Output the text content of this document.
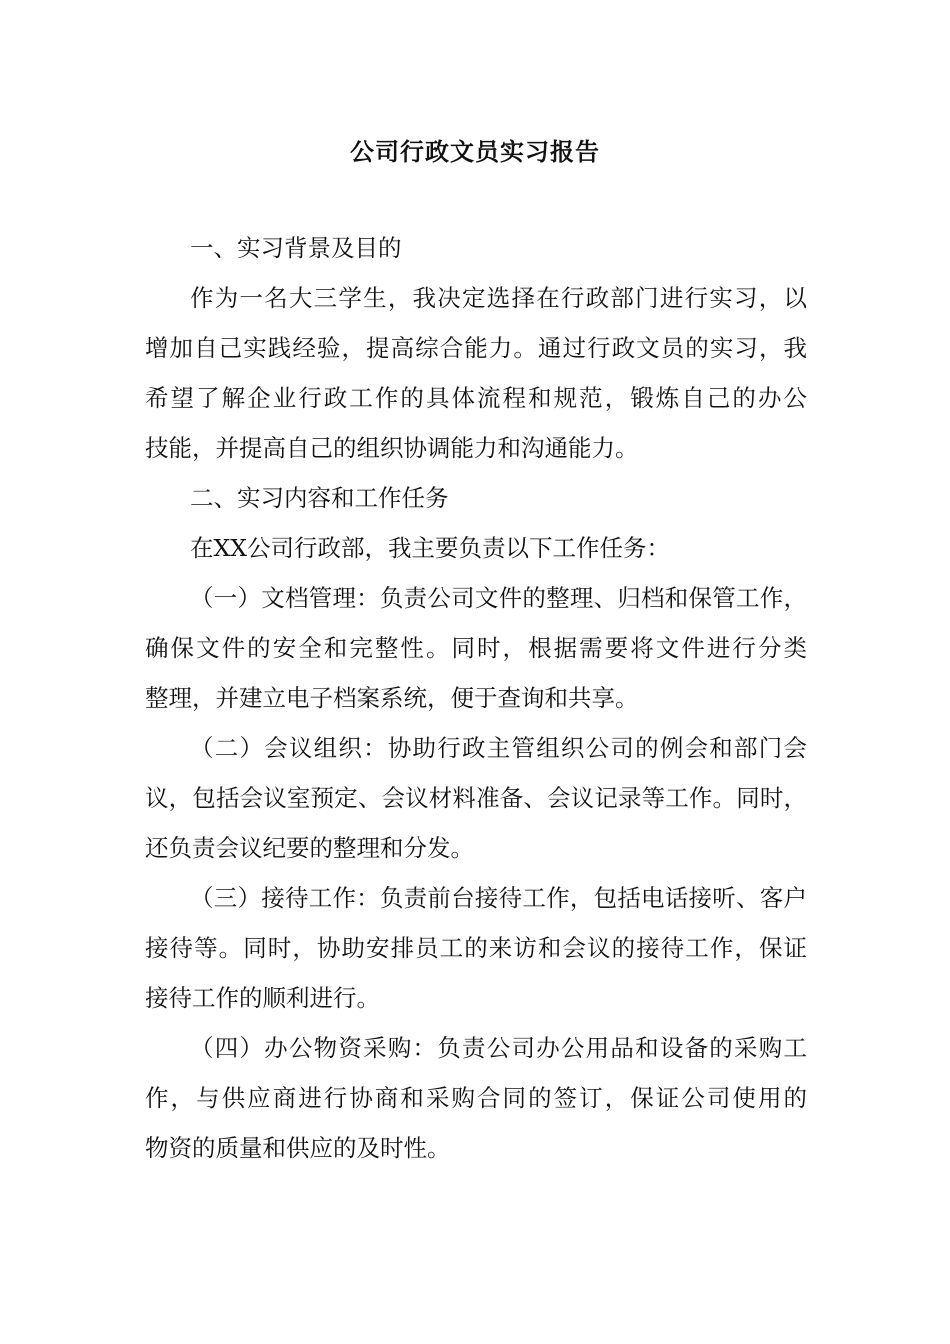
公司行政文员实习报告
一、实习背景及目的
作为一名大三学生，我决定选择在行政部门进行实习，以
增加自己实践经验，提高综合能力。通过行政文员的实习，我
希望了解企业行政工作的具体流程和规范，锻炼自己的办公
技能，并提高自己的组织协调能力和沟通能力。
二、实习内容和工作任务
在XX公司行政部，我主要负责以下工作任务：
（一）文档管理：负责公司文件的整理、归档和保管工作，
确保文件的安全和完整性。同时，根据需要将文件进行分类
整理，并建立电子档案系统，便于查询和共享。
（二）会议组织：协助行政主管组织公司的例会和部门会
议，包括会议室预定、会议材料准备、会议记录等工作。同时，
还负责会议纪要的整理和分发。
（三）接待工作：负责前台接待工作，包括电话接听、客户
接待等。同时，协助安排员工的来访和会议的接待工作，保证
接待工作的顺利进行。
（四）办公物资采购：负责公司办公用品和设备的采购工
作，与供应商进行协商和采购合同的签订，保证公司使用的
物资的质量和供应的及时性。
